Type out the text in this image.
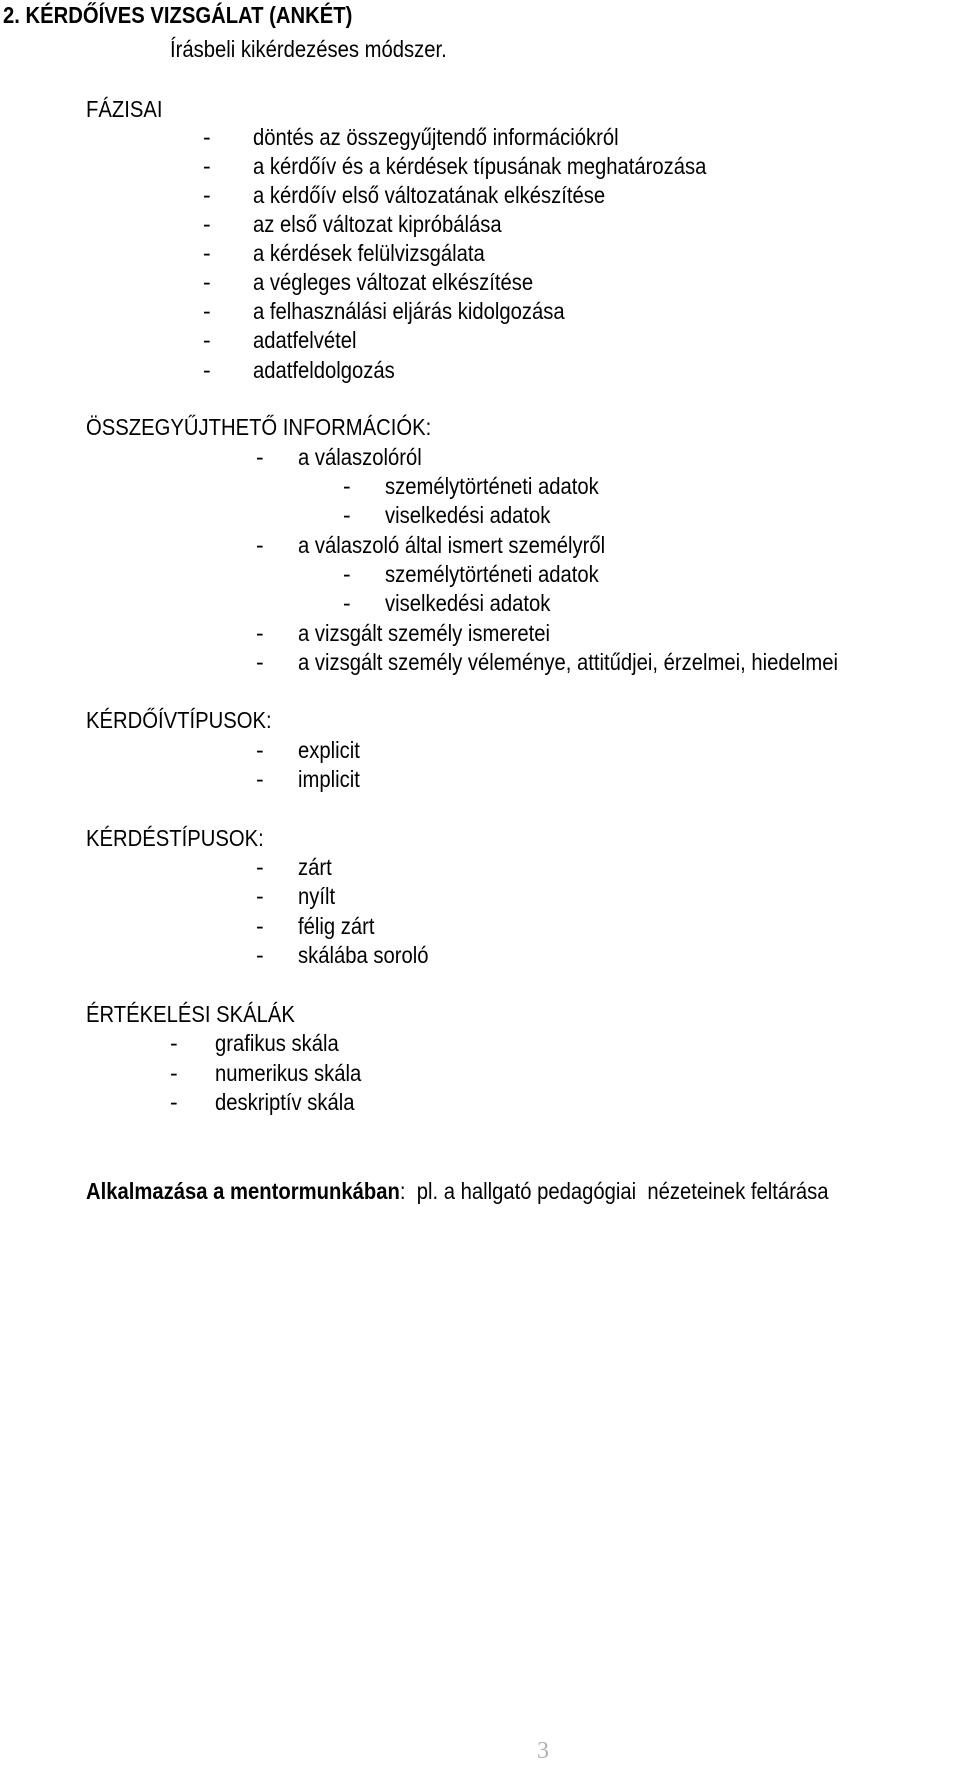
2. KÉRDŐÍVES VIZSGÁLAT (ANKÉT)
Írásbeli kikérdezéses módszer.
FÁZISAI
- döntés az összegyűjtendő információkról
- a kérdőív és a kérdések típusának meghatározása
- a kérdőív első változatának elkészítése
- az első változat kipróbálása
- a kérdések felülvizsgálata
- a végleges változat elkészítése
- a felhasználási eljárás kidolgozása
- adatfelvétel
- adatfeldolgozás
ÖSSZEGYŰJTHETŐ INFORMÁCIÓK:
- a válaszolóról
- személytörténeti adatok
- viselkedési adatok
- a válaszoló által ismert személyről
- személytörténeti adatok
- viselkedési adatok
- a vizsgált személy ismeretei
- a vizsgált személy véleménye, attitűdjei, érzelmei, hiedelmei
KÉRDŐÍVTÍPUSOK:
- explicit
- implicit
KÉRDÉSTÍPUSOK:
- zárt
- nyílt
- félig zárt
- skálába soroló
ÉRTÉKELÉSI SKÁLÁK
- grafikus skála
- numerikus skála
- deskriptív skála
Alkalmazása a mentormunkában: pl. a hallgató pedagógiai  nézeteinek feltárása
3
